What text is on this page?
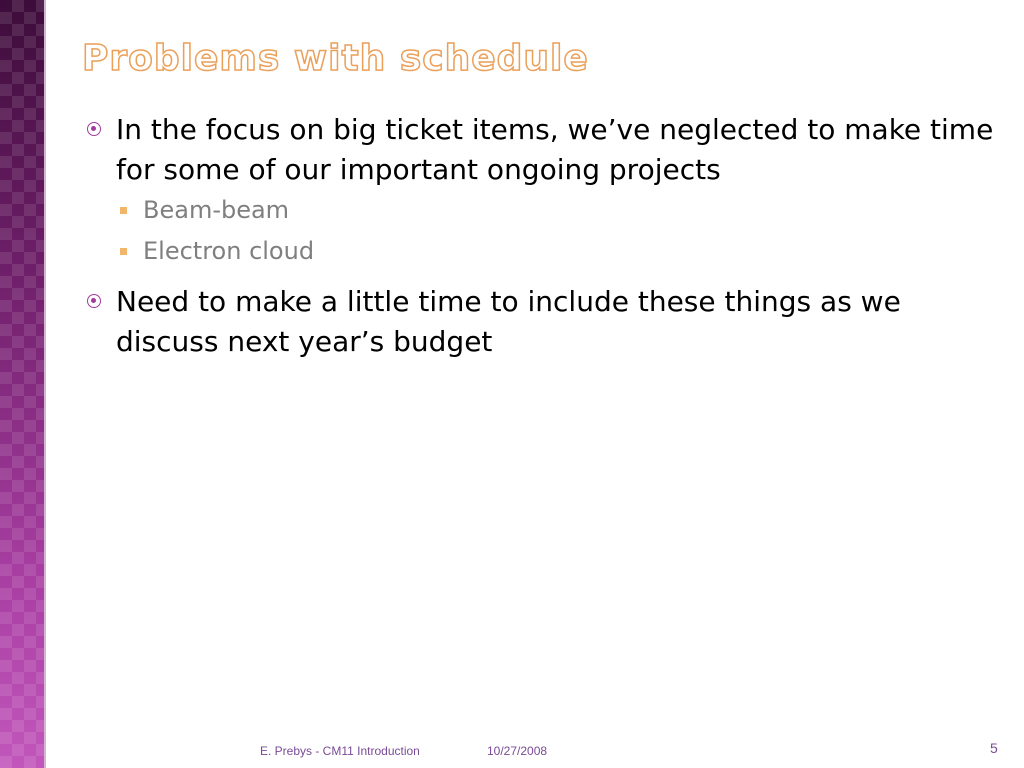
Problems with schedule
In the focus on big ticket items, we’ve neglected to make time for some of our important ongoing projects
Beam-beam
Electron cloud
Need to make a little time to include these things as we discuss next year’s budget
E. Prebys - CM11 Introduction	10/27/2008	5
